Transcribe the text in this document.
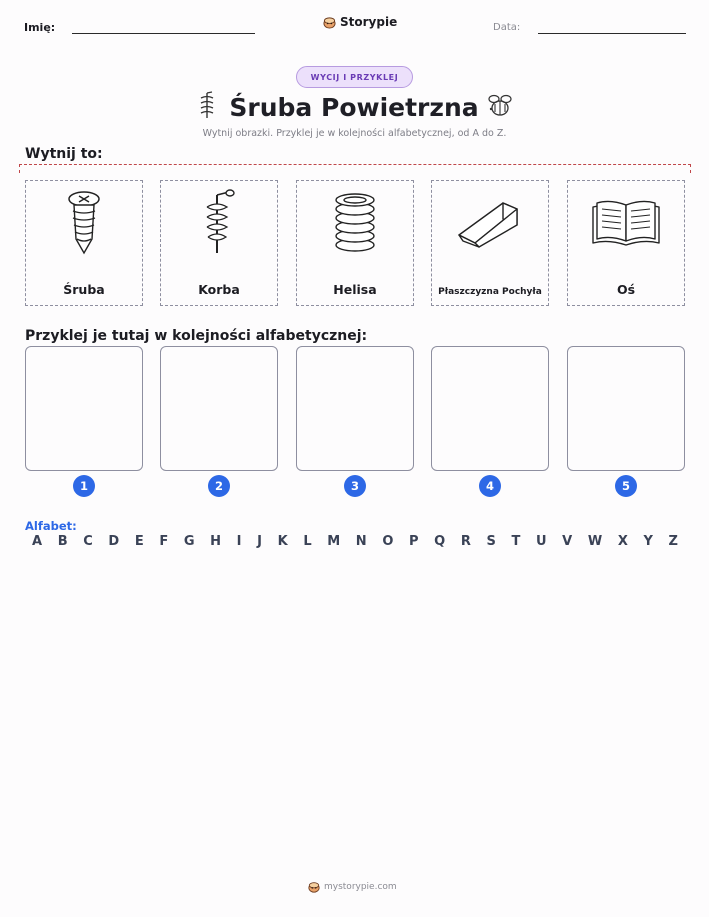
Imię:	Storypie	Data:
WYCIJ I PRZYKLEJ
Śruba Powietrzna
Wytnij obrazki. Przyklej je w kolejności alfabetycznej, od A do Z.
Wytnij to:
Śruba	Korba	Helisa	Płaszczyzna Pochyła	Oś
Przyklej je tutaj w kolejności alfabetycznej:
1	2	3	4	5
Alfabet:
A B C D E F G H I J K L M N O P Q R S T U V W X Y Z
mystorypie.com
